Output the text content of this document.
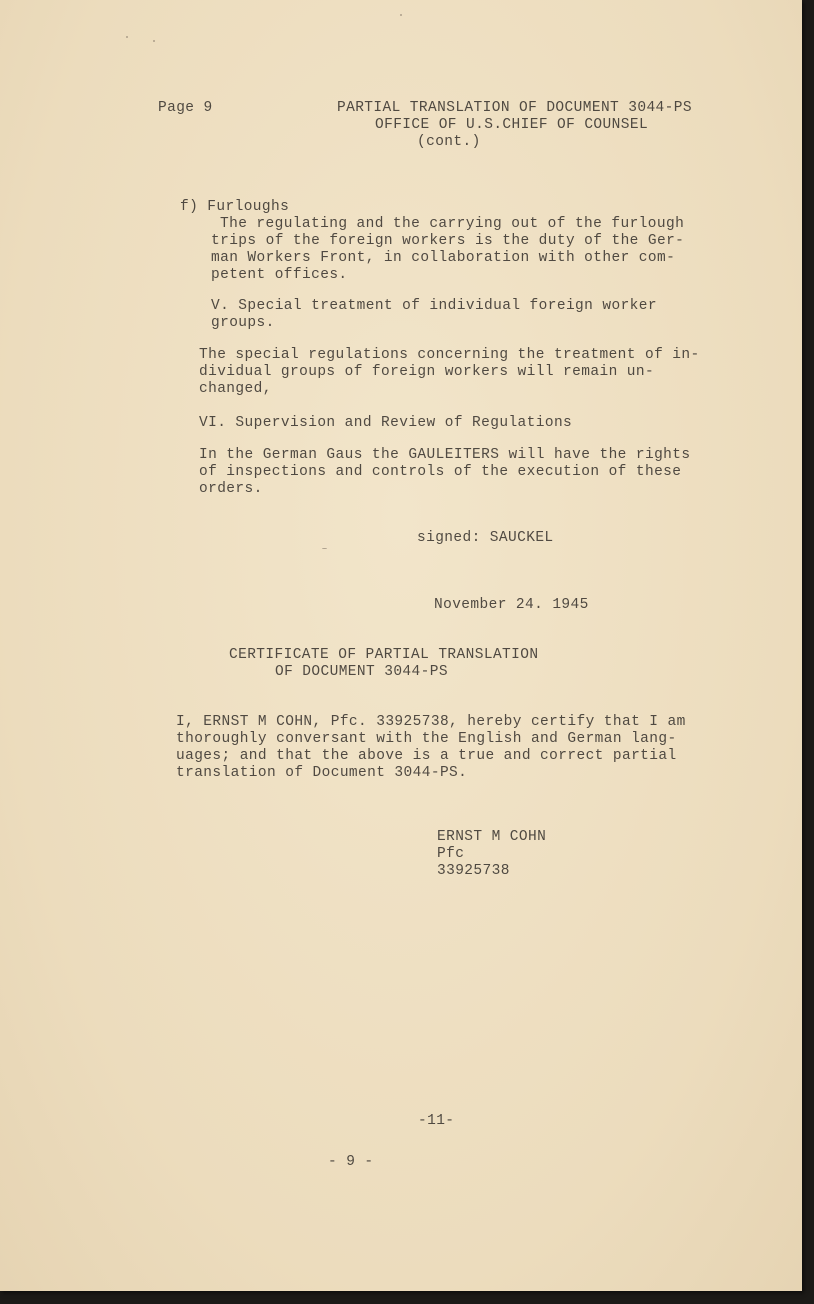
Page 9	PARTIAL TRANSLATION OF DOCUMENT 3044-PS
OFFICE OF U.S.CHIEF OF COUNSEL
(cont.)
f) Furloughs
The regulating and the carrying out of the furlough
trips of the foreign workers is the duty of the Ger-
man Workers Front, in collaboration with other com-
petent offices.
V. Special treatment of individual foreign worker
groups.
The special regulations concerning the treatment of in-
dividual groups of foreign workers will remain un-
changed,
VI. Supervision and Review of Regulations
In the German Gaus the GAULEITERS will have the rights
of inspections and controls of the execution of these
orders.
signed: SAUCKEL
November 24. 1945
CERTIFICATE OF PARTIAL TRANSLATION
OF DOCUMENT 3044-PS
I, ERNST M COHN, Pfc. 33925738, hereby certify that I am
thoroughly conversant with the English and German lang-
uages; and that the above is a true and correct partial
translation of Document 3044-PS.
ERNST M COHN
Pfc
33925738
-11-
- 9 -
